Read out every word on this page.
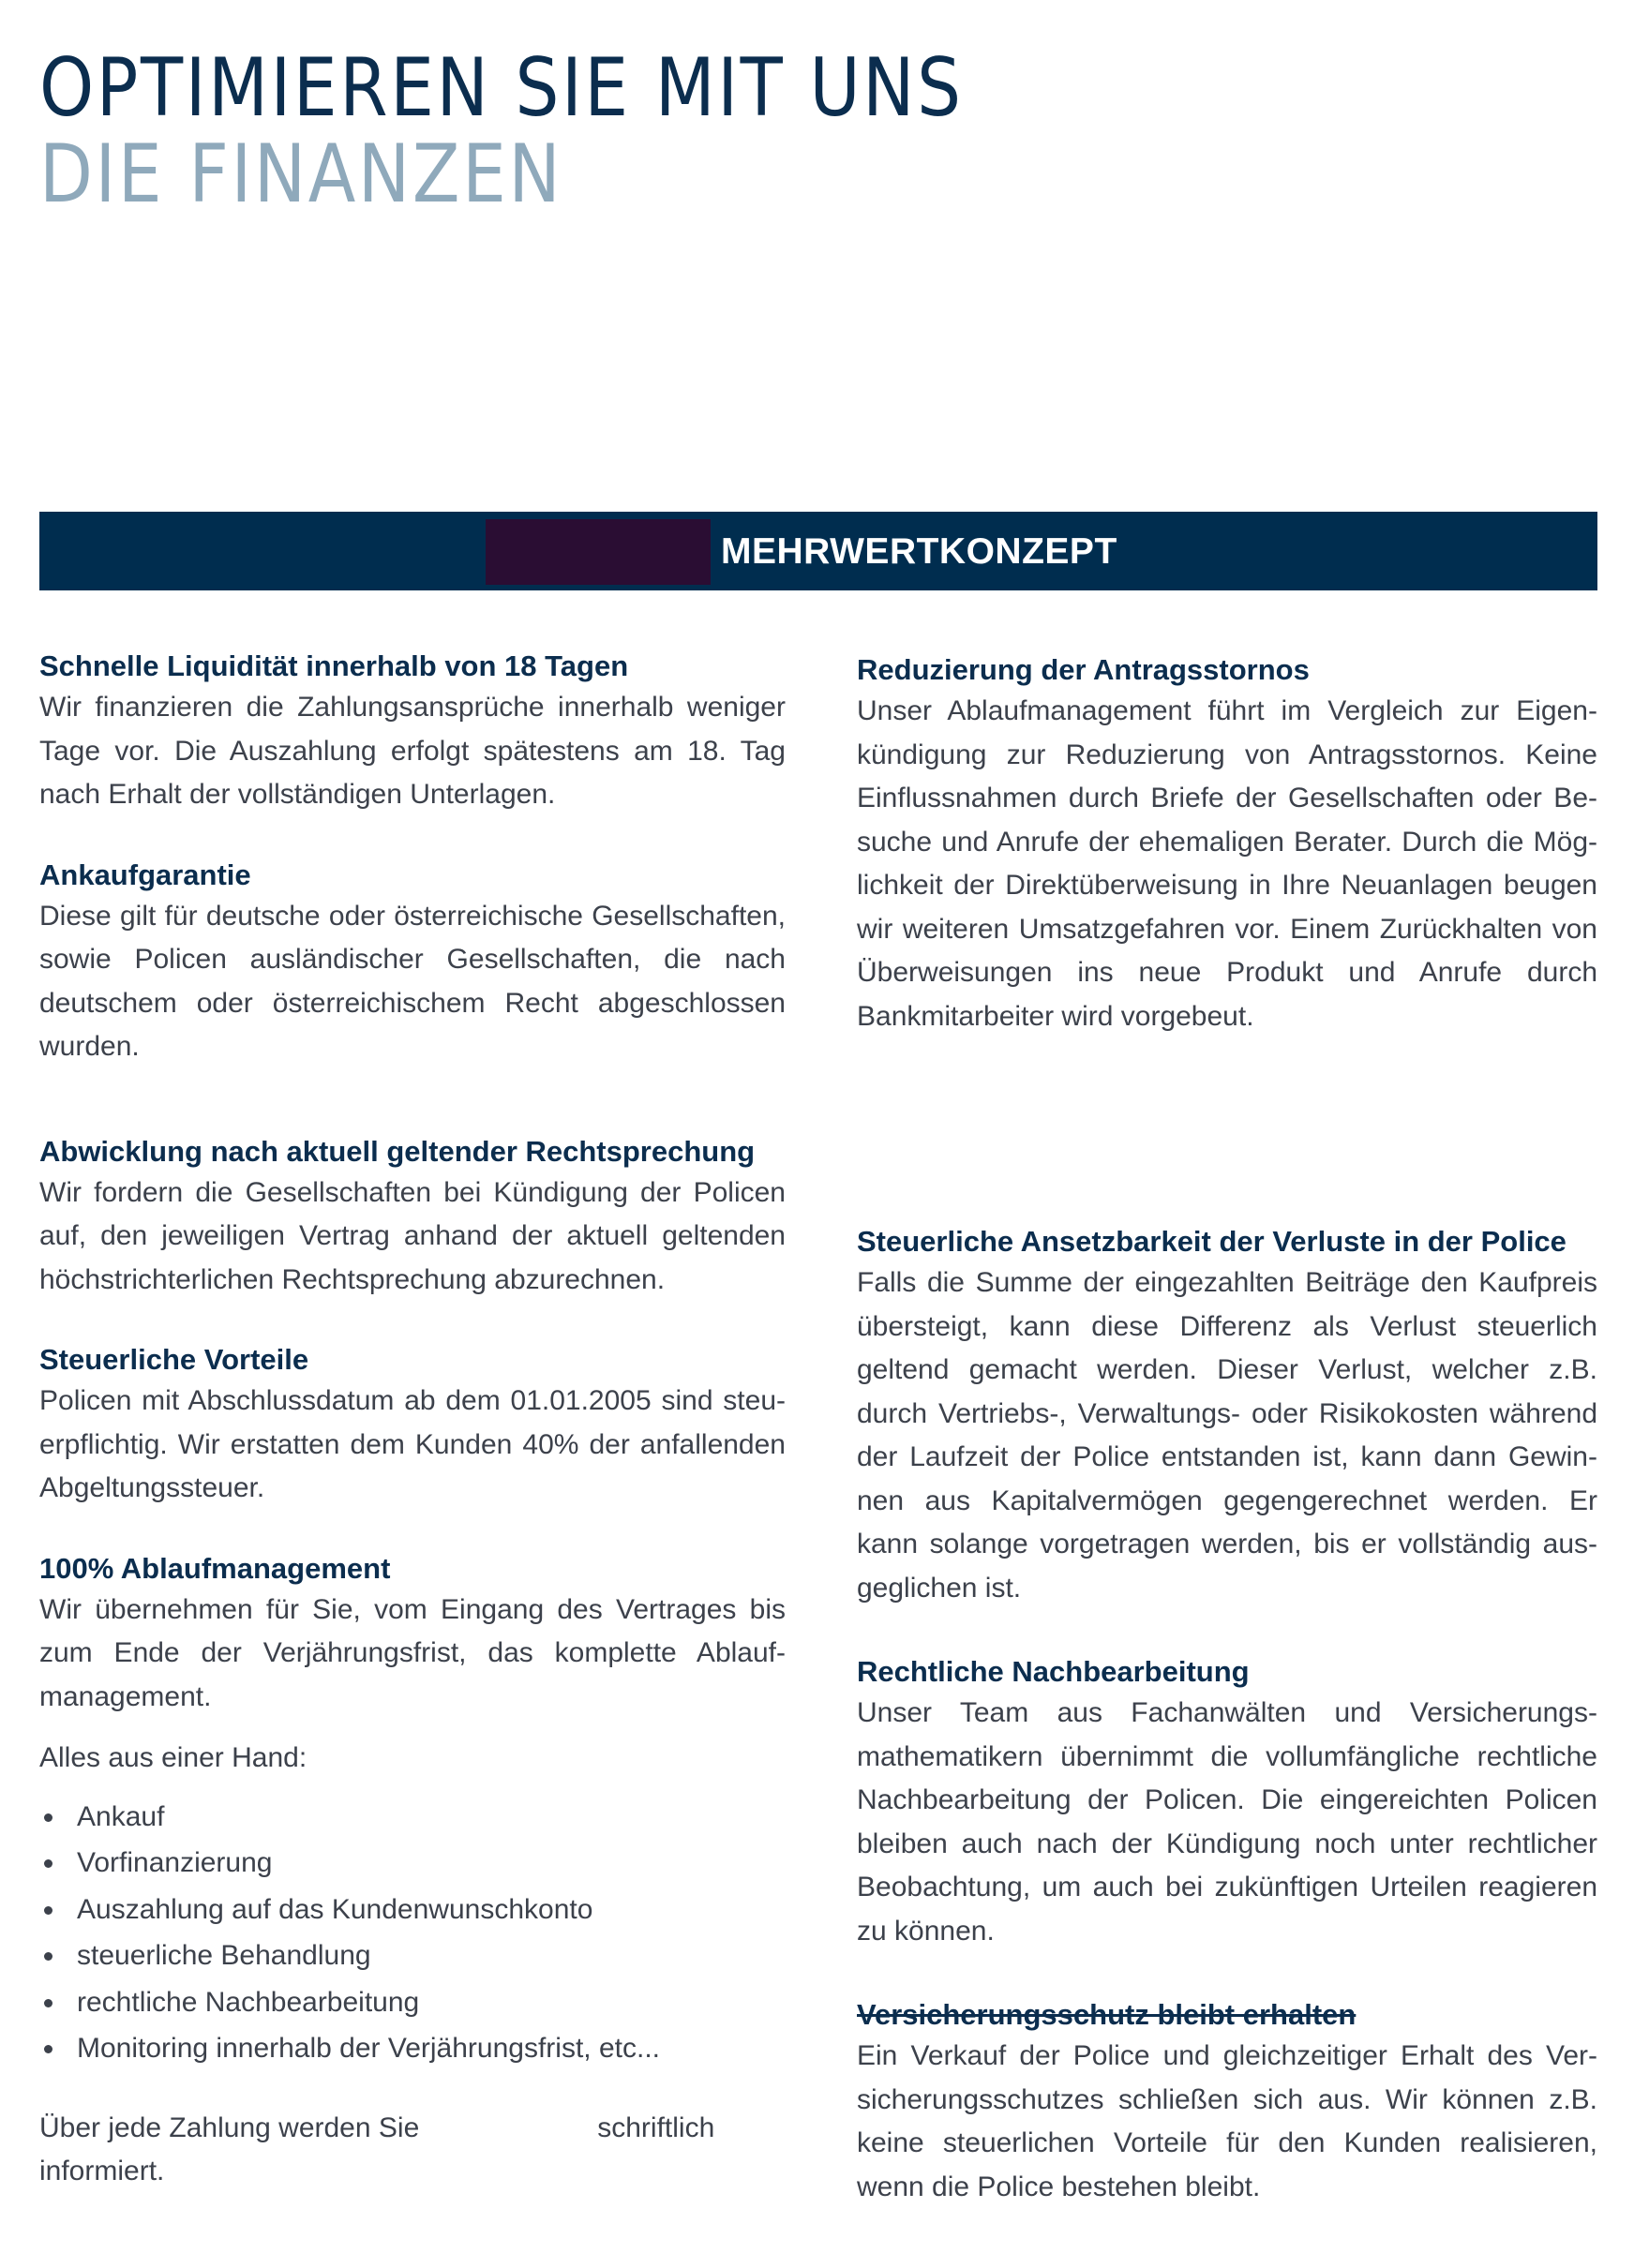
OPTIMIEREN SIE MIT UNS
DIE FINANZEN
MEHRWERTKONZEPT
Schnelle Liquidität innerhalb von 18 Tagen

Wir finanzieren die Zahlungsansprüche innerhalb weniger Tage vor. Die Auszahlung erfolgt spätestens am 18. Tag nach Erhalt der vollständigen Unterlagen.

Ankaufgarantie

Diese gilt für deutsche oder österreichische Gesellschaften, sowie Policen ausländischer Gesellschaften, die nach deutschem oder österreichischem Recht abgeschlossen wurden.

Abwicklung nach aktuell geltender Rechtsprechung

Wir fordern die Gesellschaften bei Kündigung der Policen auf, den jeweiligen Vertrag anhand der aktuell geltenden höchstrichterlichen Rechtsprechung abzurechnen.

Steuerliche Vorteile

Policen mit Abschlussdatum ab dem 01.01.2005 sind steuerpflichtig. Wir erstatten dem Kunden 40% der anfallenden Abgeltungssteuer.

100% Ablaufmanagement

Wir übernehmen für Sie, vom Eingang des Vertrages bis zum Ende der Verjährungsfrist, das komplette Ablaufmanagement.

Alles aus einer Hand:

Ankauf
Vorfinanzierung
Auszahlung auf das Kundenwunschkonto
steuerliche Behandlung
rechtliche Nachbearbeitung
Monitoring innerhalb der Verjährungsfrist, etc...

Über jede Zahlung werden Sie	schriftlich informiert.

Reduzierung der Antragsstornos

Unser Ablaufmanagement führt im Vergleich zur Eigenkündigung zur Reduzierung von Antragsstornos. Keine Einflussnahmen durch Briefe der Gesellschaften oder Besuche und Anrufe der ehemaligen Berater. Durch die Möglichkeit der Direktüberweisung in Ihre Neuanlagen beugen wir weiteren Umsatzgefahren vor. Einem Zurückhalten von Überweisungen ins neue Produkt und Anrufe durch Bankmitarbeiter wird vorgebeut.

Steuerliche Ansetzbarkeit der Verluste in der Police

Falls die Summe der eingezahlten Beiträge den Kaufpreis übersteigt, kann diese Differenz als Verlust steuerlich geltend gemacht werden. Dieser Verlust, welcher z.B. durch Vertriebs-, Verwaltungs- oder Risikokosten während der Laufzeit der Police entstanden ist, kann dann Gewinnen aus Kapitalvermögen gegengerechnet werden. Er kann solange vorgetragen werden, bis er vollständig ausgeglichen ist.

Rechtliche Nachbearbeitung

Unser Team aus Fachanwälten und Versicherungsmathematikern übernimmt die vollumfängliche rechtliche Nachbearbeitung der Policen. Die eingereichten Policen bleiben auch nach der Kündigung noch unter rechtlicher Beobachtung, um auch bei zukünftigen Urteilen reagieren zu können.

Versicherungsschutz bleibt erhalten

Ein Verkauf der Police und gleichzeitiger Erhalt des Versicherungsschutzes schließen sich aus. Wir können z.B. keine steuerlichen Vorteile für den Kunden realisieren, wenn die Police bestehen bleibt.
